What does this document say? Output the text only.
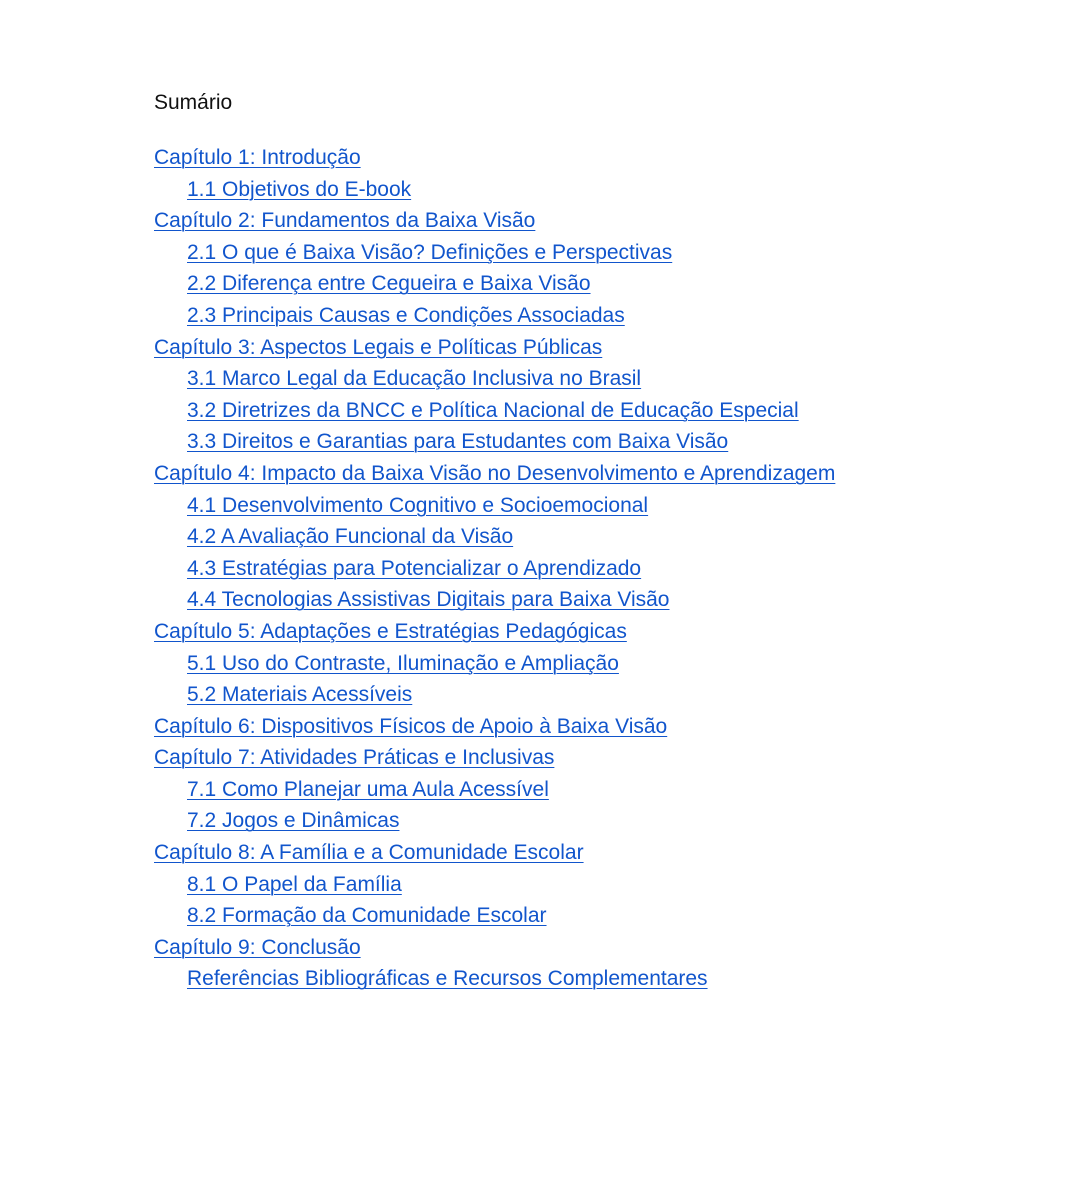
Sumário
Capítulo 1: Introdução
1.1 Objetivos do E-book
Capítulo 2: Fundamentos da Baixa Visão
2.1 O que é Baixa Visão? Definições e Perspectivas
2.2 Diferença entre Cegueira e Baixa Visão
2.3 Principais Causas e Condições Associadas
Capítulo 3: Aspectos Legais e Políticas Públicas
3.1 Marco Legal da Educação Inclusiva no Brasil
3.2 Diretrizes da BNCC e Política Nacional de Educação Especial
3.3 Direitos e Garantias para Estudantes com Baixa Visão
Capítulo 4: Impacto da Baixa Visão no Desenvolvimento e Aprendizagem
4.1 Desenvolvimento Cognitivo e Socioemocional
4.2 A Avaliação Funcional da Visão
4.3 Estratégias para Potencializar o Aprendizado
4.4 Tecnologias Assistivas Digitais para Baixa Visão
Capítulo 5: Adaptações e Estratégias Pedagógicas
5.1 Uso do Contraste, Iluminação e Ampliação
5.2 Materiais Acessíveis
Capítulo 6: Dispositivos Físicos de Apoio à Baixa Visão
Capítulo 7: Atividades Práticas e Inclusivas
7.1 Como Planejar uma Aula Acessível
7.2 Jogos e Dinâmicas
Capítulo 8: A Família e a Comunidade Escolar
8.1 O Papel da Família
8.2 Formação da Comunidade Escolar
Capítulo 9: Conclusão
Referências Bibliográficas e Recursos Complementares
